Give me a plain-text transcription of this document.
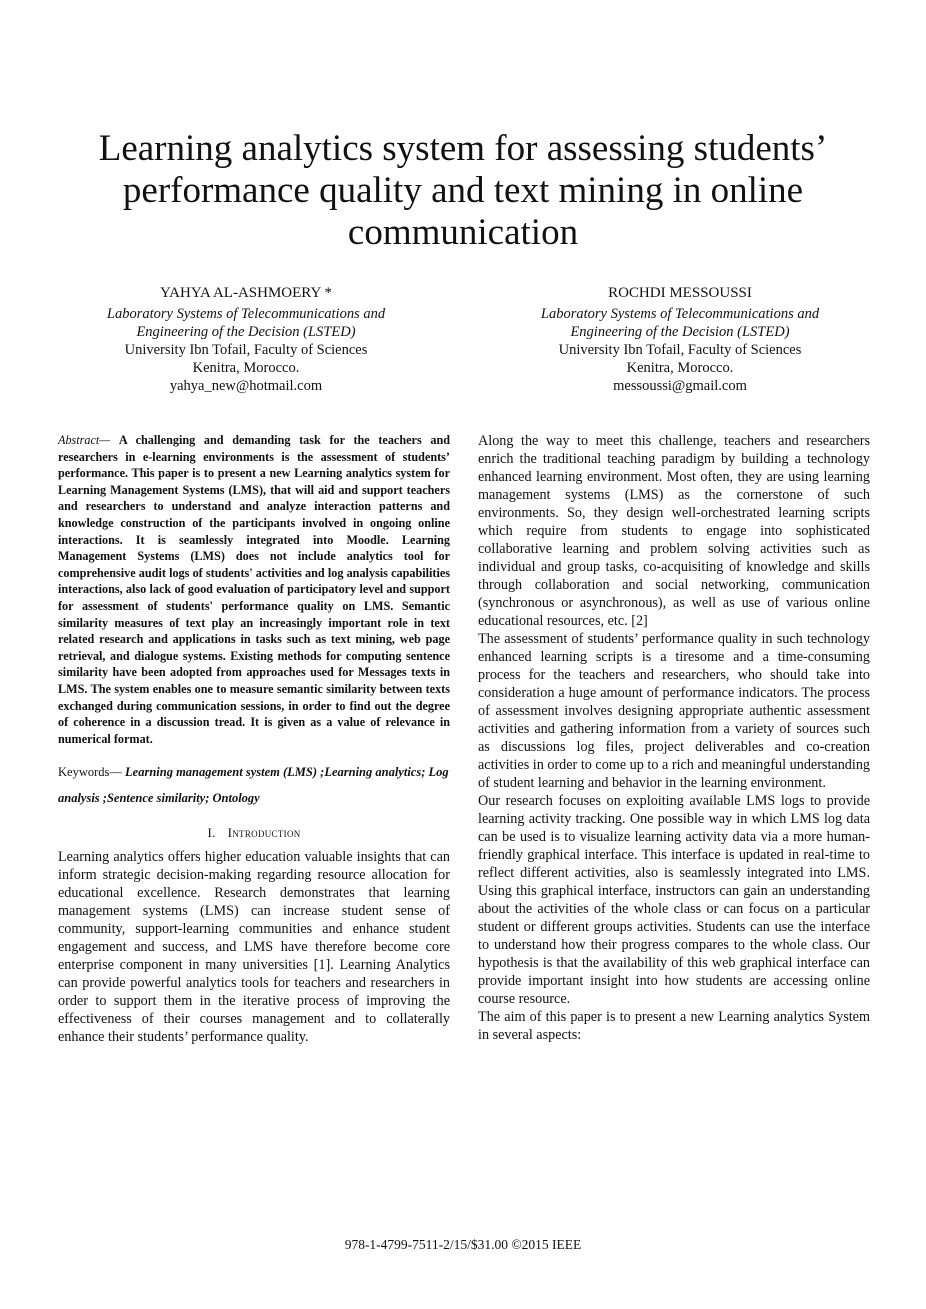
Learning analytics system for assessing students’ performance quality and text mining in online communication
YAHYA AL-ASHMOERY *
Laboratory Systems of Telecommunications and
Engineering of the Decision (LSTED)
University Ibn Tofail, Faculty of Sciences
Kenitra, Morocco.
yahya_new@hotmail.com
ROCHDI MESSOUSSI
Laboratory Systems of Telecommunications and
Engineering of the Decision (LSTED)
University Ibn Tofail, Faculty of Sciences
Kenitra, Morocco.
messoussi@gmail.com

Abstract— A challenging and demanding task for the teachers and researchers in e-learning environments is the assessment of students’ performance. This paper is to present a new Learning analytics system for Learning Management Systems (LMS), that will aid and support teachers and researchers to understand and analyze interaction patterns and knowledge construction of the participants involved in ongoing online interactions. It is seamlessly integrated into Moodle. Learning Management Systems (LMS) does not include analytics tool for comprehensive audit logs of students' activities and log analysis capabilities interactions, also lack of good evaluation of participatory level and support for assessment of students' performance quality on LMS. Semantic similarity measures of text play an increasingly important role in text related research and applications in tasks such as text mining, web page retrieval, and dialogue systems. Existing methods for computing sentence similarity have been adopted from approaches used for Messages texts in LMS. The system enables one to measure semantic similarity between texts exchanged during communication sessions, in order to find out the degree of coherence in a discussion tread. It is given as a value of relevance in numerical format.

Keywords— Learning management system (LMS) ;Learning analytics; Log analysis ;Sentence similarity; Ontology

I. Introduction

Learning analytics offers higher education valuable insights that can inform strategic decision-making regarding resource allocation for educational excellence. Research demonstrates that learning management systems (LMS) can increase student sense of community, support-learning communities and enhance student engagement and success, and LMS have therefore become core enterprise component in many universities [1]. Learning Analytics can provide powerful analytics tools for teachers and researchers in order to support them in the iterative process of improving the effectiveness of their courses management and to collaterally enhance their students’ performance quality.

Along the way to meet this challenge, teachers and researchers enrich the traditional teaching paradigm by building a technology enhanced learning environment. Most often, they are using learning management systems (LMS) as the cornerstone of such environments. So, they design well-orchestrated learning scripts which require from students to engage into sophisticated collaborative learning and problem solving activities such as individual and group tasks, co-acquisiting of knowledge and skills through collaboration and social networking, communication (synchronous or asynchronous), as well as use of various online educational resources, etc. [2]

The assessment of students’ performance quality in such technology enhanced learning scripts is a tiresome and a time-consuming process for the teachers and researchers, who should take into consideration a huge amount of performance indicators. The process of assessment involves designing appropriate authentic assessment activities and gathering information from a variety of sources such as discussions log files, project deliverables and co-creation activities in order to come up to a rich and meaningful understanding of student learning and behavior in the learning environment.

Our research focuses on exploiting available LMS logs to provide learning activity tracking. One possible way in which LMS log data can be used is to visualize learning activity data via a more human-friendly graphical interface. This interface is updated in real-time to reflect different activities, also is seamlessly integrated into LMS. Using this graphical interface, instructors can gain an understanding about the activities of the whole class or can focus on a particular student or different groups activities. Students can use the interface to understand how their progress compares to the whole class. Our hypothesis is that the availability of this web graphical interface can provide important insight into how students are accessing online course resource.

The aim of this paper is to present a new Learning analytics System in several aspects:

978-1-4799-7511-2/15/$31.00 ©2015 IEEE
